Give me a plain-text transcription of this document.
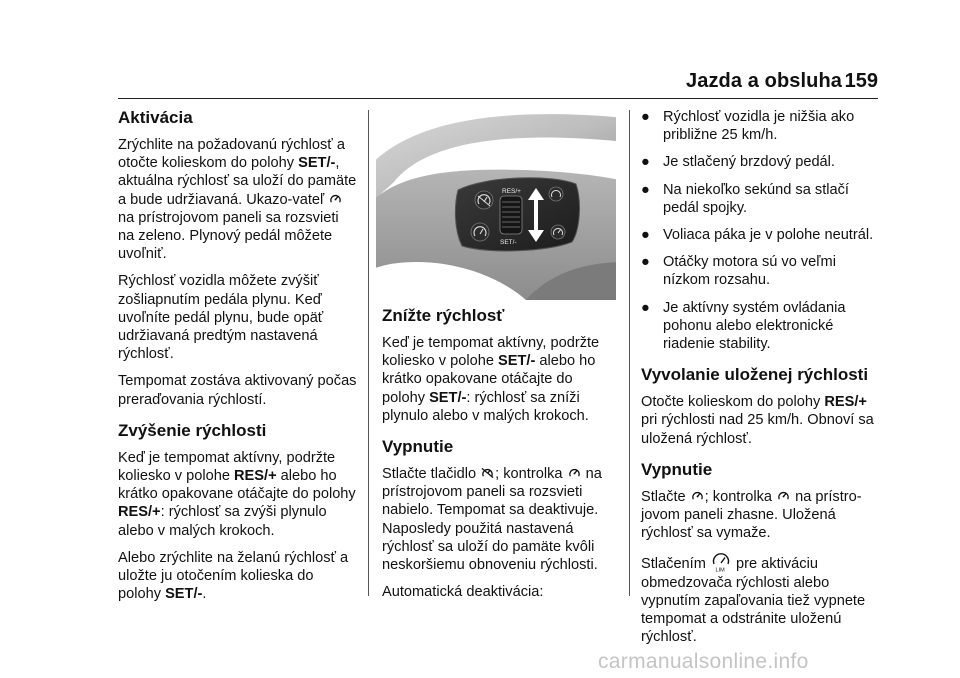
Jazda a obsluha 159
Aktivácia

Zrýchlite na požadovanú rýchlosť a otočte kolieskom do polohy SET/-, aktuálna rýchlosť sa uloží do pamäte a bude udržiavaná. Ukazo-vateľ
na prístrojovom paneli sa rozsvieti na zeleno. Plynový pedál môžete uvoľniť.

Rýchlosť vozidla môžete zvýšiť zošliapnutím pedála plynu. Keď uvoľníte pedál plynu, bude opäť udržiavaná predtým nastavená rýchlosť.

Tempomat zostáva aktivovaný počas preraďovania rýchlostí.

Zvýšenie rýchlosti

Keď je tempomat aktívny, podržte koliesko v polohe RES/+ alebo ho krátko opakovane otáčajte do polohy RES/+: rýchlosť sa zvýši plynulo alebo v malých krokoch.

Alebo zrýchlite na želanú rýchlosť a uložte ju otočením kolieska do polohy SET/-.

RES/+
SET/-
Znížte rýchlosť

Keď je tempomat aktívny, podržte koliesko v polohe SET/- alebo ho krátko opakovane otáčajte do polohy SET/-: rýchlosť sa zníži plynulo alebo v malých krokoch.

Vypnutie

Stlačte tlačidlo
; kontrolka
na prístrojovom paneli sa rozsvieti nabielo. Tempomat sa deaktivuje. Naposledy použitá nastavená rýchlosť sa uloží do pamäte kvôli neskoršiemu obnoveniu rýchlosti.

Automatická deaktivácia:

● Rýchlosť vozidla je nižšia ako približne 25 km/h.
● Je stlačený brzdový pedál.
● Na niekoľko sekúnd sa stlačí pedál spojky.
● Voliaca páka je v polohe neutrál.
● Otáčky motora sú vo veľmi nízkom rozsahu.
● Je aktívny systém ovládania pohonu alebo elektronické riadenie stability.
Vyvolanie uloženej rýchlosti

Otočte kolieskom do polohy RES/+ pri rýchlosti nad 25 km/h. Obnoví sa uložená rýchlosť.

Vypnutie

Stlačte
; kontrolka
na prístro-jovom paneli zhasne. Uložená rýchlosť sa vymaže.

Stlačením LIM pre aktiváciu obmedzovača rýchlosti alebo vypnutím zapaľovania tiež vypnete tempomat a odstránite uloženú rýchlosť.

carmanualsonline.info
